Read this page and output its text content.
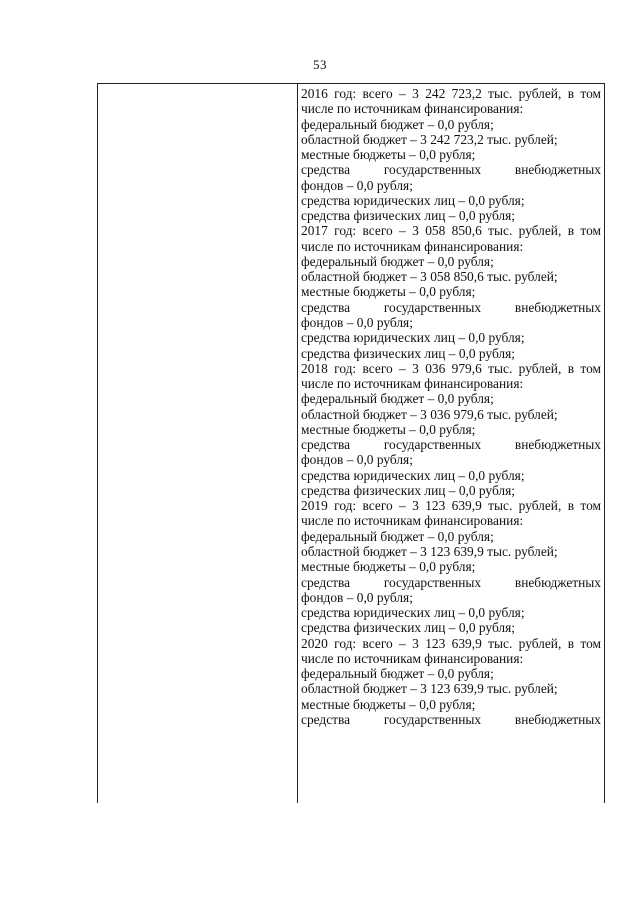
53
2016 год: всего – 3 242 723,2 тыс. рублей, в том
числе по источникам финансирования:
федеральный бюджет – 0,0 рубля;
областной бюджет – 3 242 723,2 тыс. рублей;
местные бюджеты – 0,0 рубля;
средства государственных внебюджетных
фондов – 0,0 рубля;
средства юридических лиц – 0,0 рубля;
средства физических лиц – 0,0 рубля;
2017 год: всего – 3 058 850,6 тыс. рублей, в том
числе по источникам финансирования:
федеральный бюджет – 0,0 рубля;
областной бюджет – 3 058 850,6 тыс. рублей;
местные бюджеты – 0,0 рубля;
средства государственных внебюджетных
фондов – 0,0 рубля;
средства юридических лиц – 0,0 рубля;
средства физических лиц – 0,0 рубля;
2018 год: всего – 3 036 979,6 тыс. рублей, в том
числе по источникам финансирования:
федеральный бюджет – 0,0 рубля;
областной бюджет – 3 036 979,6 тыс. рублей;
местные бюджеты – 0,0 рубля;
средства государственных внебюджетных
фондов – 0,0 рубля;
средства юридических лиц – 0,0 рубля;
средства физических лиц – 0,0 рубля;
2019 год: всего – 3 123 639,9 тыс. рублей, в том
числе по источникам финансирования:
федеральный бюджет – 0,0 рубля;
областной бюджет – 3 123 639,9 тыс. рублей;
местные бюджеты – 0,0 рубля;
средства государственных внебюджетных
фондов – 0,0 рубля;
средства юридических лиц – 0,0 рубля;
средства физических лиц – 0,0 рубля;
2020 год: всего – 3 123 639,9 тыс. рублей, в том
числе по источникам финансирования:
федеральный бюджет – 0,0 рубля;
областной бюджет – 3 123 639,9 тыс. рублей;
местные бюджеты – 0,0 рубля;
средства государственных внебюджетных
